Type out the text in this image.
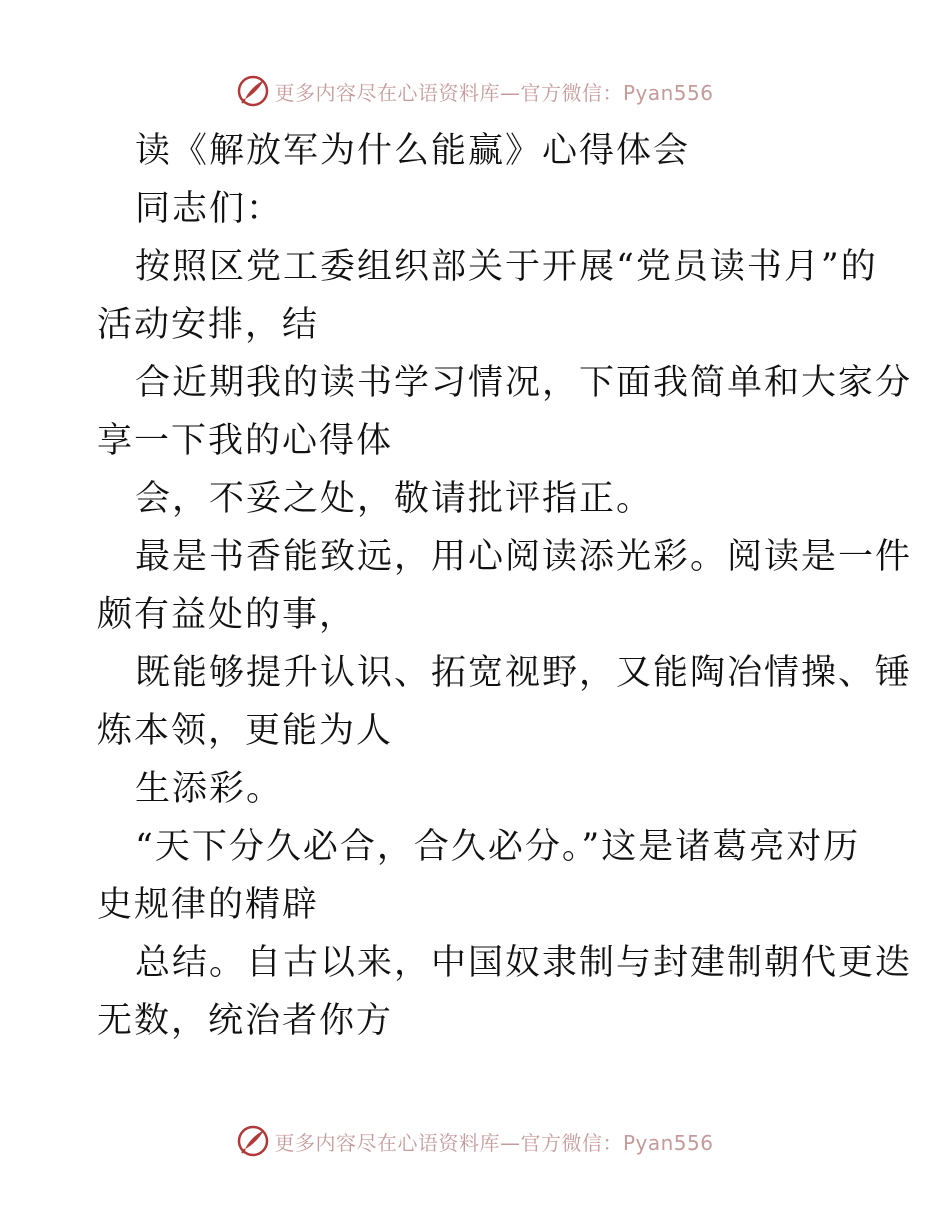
更多内容尽在心语资料库—官方微信：Pyan556
读《解放军为什么能赢》心得体会
同志们：
按照区党工委组织部关于开展“党员读书月”的
活动安排，结
合近期我的读书学习情况，下面我简单和大家分
享一下我的心得体
会，不妥之处，敬请批评指正。
最是书香能致远，用心阅读添光彩。阅读是一件
颇有益处的事，
既能够提升认识、拓宽视野，又能陶冶情操、锤
炼本领，更能为人
生添彩。
“天下分久必合，合久必分。”这是诸葛亮对历
史规律的精辟
总结。自古以来，中国奴隶制与封建制朝代更迭
无数，统治者你方
更多内容尽在心语资料库—官方微信：Pyan556
